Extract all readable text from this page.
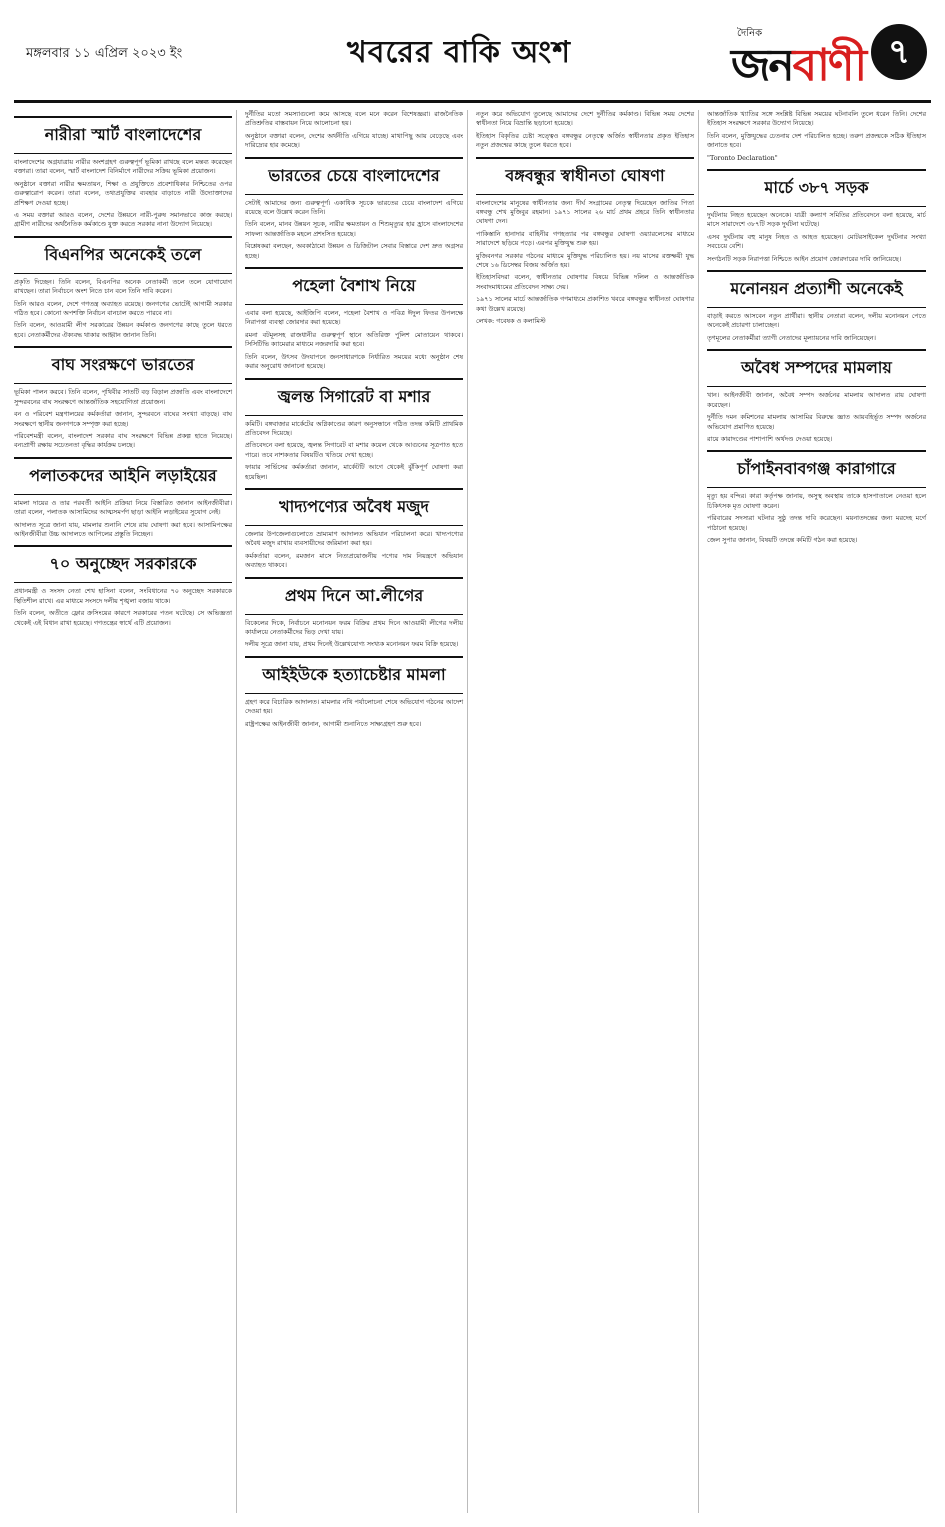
মঙ্গলবার ১১ এপ্রিল ২০২৩ ইং	খবরের বাকি অংশ
দৈনিক
জনবাণী ৭
নারীরা স্মার্ট বাংলাদেশের

বাংলাদেশের অগ্রযাত্রায় নারীর অংশগ্রহণ গুরুত্বপূর্ণ ভূমিকা রাখছে বলে মন্তব্য করেছেন বক্তারা। তারা বলেন, স্মার্ট বাংলাদেশ বিনির্মাণে নারীদের সক্রিয় ভূমিকা প্রয়োজন।

অনুষ্ঠানে বক্তারা নারীর ক্ষমতায়ন, শিক্ষা ও প্রযুক্তিতে প্রবেশাধিকার নিশ্চিতের ওপর গুরুত্বারোপ করেন। তারা বলেন, তথ্যপ্রযুক্তির ব্যবহার বাড়াতে নারী উদ্যোক্তাদের প্রশিক্ষণ দেওয়া হচ্ছে।

এ সময় বক্তারা আরও বলেন, দেশের উন্নয়নে নারী-পুরুষ সমানভাবে কাজ করছে। গ্রামীণ নারীদের অর্থনৈতিক কর্মকাণ্ডে যুক্ত করতে সরকার নানা উদ্যোগ নিয়েছে।

বিএনপির অনেকেই তলে

প্রকৃতি দিচ্ছেন। তিনি বলেন, বিএনপির অনেক নেতাকর্মী তলে তলে যোগাযোগ রাখছেন। তারা নির্বাচনে অংশ নিতে চান বলে তিনি দাবি করেন।

তিনি আরও বলেন, দেশে গণতন্ত্র অব্যাহত রয়েছে। জনগণের ভোটেই আগামী সরকার গঠিত হবে। কোনো অপশক্তি নির্বাচন বানচাল করতে পারবে না।

তিনি বলেন, আওয়ামী লীগ সরকারের উন্নয়ন কর্মকাণ্ড জনগণের কাছে তুলে ধরতে হবে। নেতাকর্মীদের ঐক্যবদ্ধ থাকার আহ্বান জানান তিনি।

বাঘ সংরক্ষণে ভারতের

ভূমিকা পালন করবে। তিনি বলেন, পৃথিবীর সাতটি বড় বিড়াল প্রজাতি এবং বাংলাদেশে সুন্দরবনের বাঘ সংরক্ষণে আন্তর্জাতিক সহযোগিতা প্রয়োজন।

বন ও পরিবেশ মন্ত্রণালয়ের কর্মকর্তারা জানান, সুন্দরবনে বাঘের সংখ্যা বাড়ছে। বাঘ সংরক্ষণে স্থানীয় জনগণকে সম্পৃক্ত করা হচ্ছে।

পরিবেশমন্ত্রী বলেন, বাংলাদেশ সরকার বাঘ সংরক্ষণে বিভিন্ন প্রকল্প হাতে নিয়েছে। বন্যপ্রাণী রক্ষায় সচেতনতা বৃদ্ধির কার্যক্রম চলছে।

পলাতকদের আইনি লড়াইয়ের

মামলা দায়ের ও তার পরবর্তী আইনি প্রক্রিয়া নিয়ে বিস্তারিত জানান আইনজীবীরা। তারা বলেন, পলাতক আসামিদের আত্মসমর্পণ ছাড়া আইনি লড়াইয়ের সুযোগ নেই।

আদালত সূত্রে জানা যায়, মামলার শুনানি শেষে রায় ঘোষণা করা হবে। আসামিপক্ষের আইনজীবীরা উচ্চ আদালতে আপিলের প্রস্তুতি নিচ্ছেন।

৭০ অনুচ্ছেদ সরকারকে

প্রধানমন্ত্রী ও সংসদ নেতা শেখ হাসিনা বলেন, সংবিধানের ৭০ অনুচ্ছেদ সরকারকে স্থিতিশীল রাখে। এর মাধ্যমে সংসদে দলীয় শৃঙ্খলা বজায় থাকে।

তিনি বলেন, অতীতে ফ্লোর ক্রসিংয়ের কারণে সরকারের পতন ঘটেছে। সে অভিজ্ঞতা থেকেই এই বিধান রাখা হয়েছে। গণতন্ত্রের স্বার্থে এটি প্রয়োজন।

দুর্নীতির মতো সমস্যাগুলো কমে আসছে বলে মনে করেন বিশেষজ্ঞরা। রাজনৈতিক প্রতিশ্রুতির বাস্তবায়ন নিয়ে আলোচনা হয়।

অনুষ্ঠানে বক্তারা বলেন, দেশের অর্থনীতি এগিয়ে যাচ্ছে। মাথাপিছু আয় বেড়েছে এবং দারিদ্র্যের হার কমেছে।

ভারতের চেয়ে বাংলাদেশের

সেটাই আমাদের জন্য গুরুত্বপূর্ণ। একাধিক সূচকে ভারতের চেয়ে বাংলাদেশ এগিয়ে রয়েছে বলে উল্লেখ করেন তিনি।

তিনি বলেন, মানব উন্নয়ন সূচক, নারীর ক্ষমতায়ন ও শিশুমৃত্যুর হার হ্রাসে বাংলাদেশের সাফল্য আন্তর্জাতিক মহলে প্রশংসিত হয়েছে।

বিশ্লেষকরা বলছেন, অবকাঠামো উন্নয়ন ও ডিজিটাল সেবার বিস্তারে দেশ দ্রুত অগ্রসর হচ্ছে।

পহেলা বৈশাখ নিয়ে

এবার বলা হয়েছে, আইজিপি বলেন, পহেলা বৈশাখ ও পবিত্র ঈদুল ফিতর উপলক্ষে নিরাপত্তা ব্যবস্থা জোরদার করা হয়েছে।

রমনা বটমূলসহ রাজধানীর গুরুত্বপূর্ণ স্থানে অতিরিক্ত পুলিশ মোতায়েন থাকবে। সিসিটিভি ক্যামেরার মাধ্যমে নজরদারি করা হবে।

তিনি বলেন, উৎসব উদযাপনে জনসাধারণকে নির্ধারিত সময়ের মধ্যে অনুষ্ঠান শেষ করার অনুরোধ জানানো হয়েছে।

জ্বলন্ত সিগারেট বা মশার

কমিটি। বঙ্গবাজার মার্কেটের অগ্নিকাণ্ডের কারণ অনুসন্ধানে গঠিত তদন্ত কমিটি প্রাথমিক প্রতিবেদন দিয়েছে।

প্রতিবেদনে বলা হয়েছে, জ্বলন্ত সিগারেট বা মশার কয়েল থেকে আগুনের সূত্রপাত হতে পারে। তবে নাশকতার বিষয়টিও খতিয়ে দেখা হচ্ছে।

ফায়ার সার্ভিসের কর্মকর্তারা জানান, মার্কেটটি আগে থেকেই ঝুঁকিপূর্ণ ঘোষণা করা হয়েছিল।

খাদ্যপণ্যের অবৈধ মজুদ

জেলার উপজেলাগুলোতে ভ্রাম্যমাণ আদালত অভিযান পরিচালনা করে। খাদ্যপণ্যের অবৈধ মজুদ রাখায় ব্যবসায়ীদের জরিমানা করা হয়।

কর্মকর্তারা বলেন, রমজান মাসে নিত্যপ্রয়োজনীয় পণ্যের দাম নিয়ন্ত্রণে অভিযান অব্যাহত থাকবে।

প্রথম দিনে আ.লীগের

বিকেলের দিকে, নির্বাচনে মনোনয়ন ফরম বিক্রির প্রথম দিনে আওয়ামী লীগের দলীয় কার্যালয়ে নেতাকর্মীদের ভিড় দেখা যায়।

দলীয় সূত্রে জানা যায়, প্রথম দিনেই উল্লেখযোগ্য সংখ্যক মনোনয়ন ফরম বিক্রি হয়েছে।

আইইউকে হত্যাচেষ্টার মামলা

গ্রহণ করে বিচারিক আদালত। মামলার নথি পর্যালোচনা শেষে অভিযোগ গঠনের আদেশ দেওয়া হয়।

রাষ্ট্রপক্ষের আইনজীবী জানান, আগামী শুনানিতে সাক্ষ্যগ্রহণ শুরু হবে।

নতুন করে অভিযোগ তুলেছে আমাদের দেশে দুর্নীতির কর্মকাণ্ড। বিভিন্ন সময় দেশের স্বাধীনতা নিয়ে বিভ্রান্তি ছড়ানো হয়েছে।

ইতিহাস বিকৃতির চেষ্টা সত্ত্বেও বঙ্গবন্ধুর নেতৃত্বে অর্জিত স্বাধীনতার প্রকৃত ইতিহাস নতুন প্রজন্মের কাছে তুলে ধরতে হবে।

বঙ্গবন্ধুর স্বাধীনতা ঘোষণা

বাংলাদেশের মানুষের স্বাধীনতার জন্য দীর্ঘ সংগ্রামের নেতৃত্ব দিয়েছেন জাতির পিতা বঙ্গবন্ধু শেখ মুজিবুর রহমান। ১৯৭১ সালের ২৬ মার্চ প্রথম প্রহরে তিনি স্বাধীনতার ঘোষণা দেন।

পাকিস্তানি হানাদার বাহিনীর গণহত্যার পর বঙ্গবন্ধুর ঘোষণা ওয়্যারলেসের মাধ্যমে সারাদেশে ছড়িয়ে পড়ে। এরপর মুক্তিযুদ্ধ শুরু হয়।

মুজিবনগর সরকার গঠনের মাধ্যমে মুক্তিযুদ্ধ পরিচালিত হয়। নয় মাসের রক্তক্ষয়ী যুদ্ধ শেষে ১৬ ডিসেম্বর বিজয় অর্জিত হয়।

ইতিহাসবিদরা বলেন, স্বাধীনতার ঘোষণার বিষয়ে বিভিন্ন দলিল ও আন্তর্জাতিক সংবাদমাধ্যমের প্রতিবেদন সাক্ষ্য দেয়।

১৯৭১ সালের মার্চে আন্তর্জাতিক গণমাধ্যমে প্রকাশিত খবরে বঙ্গবন্ধুর স্বাধীনতা ঘোষণার কথা উল্লেখ রয়েছে।

লেখক: গবেষক ও কলামিস্ট

আন্তর্জাতিক খ্যাতির সঙ্গে সংশ্লিষ্ট বিভিন্ন সময়ের ঘটনাবলি তুলে ধরেন তিনি। দেশের ইতিহাস সংরক্ষণে সরকার উদ্যোগ নিয়েছে।

তিনি বলেন, মুক্তিযুদ্ধের চেতনায় দেশ পরিচালিত হচ্ছে। তরুণ প্রজন্মকে সঠিক ইতিহাস জানাতে হবে।

"Toronto Declaration"

মার্চে ৩৮৭ সড়ক

দুর্ঘটনায় নিহত হয়েছেন অনেকে। যাত্রী কল্যাণ সমিতির প্রতিবেদনে বলা হয়েছে, মার্চ মাসে সারাদেশে ৩৮৭টি সড়ক দুর্ঘটনা ঘটেছে।

এসব দুর্ঘটনায় বহু মানুষ নিহত ও আহত হয়েছেন। মোটরসাইকেল দুর্ঘটনার সংখ্যা সবচেয়ে বেশি।

সংগঠনটি সড়ক নিরাপত্তা নিশ্চিতে আইন প্রয়োগ জোরদারের দাবি জানিয়েছে।

মনোনয়ন প্রত্যাশী অনেকেই

বাড়াই করতে আসবেন নতুন প্রার্থীরা। স্থানীয় নেতারা বলেন, দলীয় মনোনয়ন পেতে অনেকেই প্রচারণা চালাচ্ছেন।

তৃণমূলের নেতাকর্মীরা ত্যাগী নেতাদের মূল্যায়নের দাবি জানিয়েছেন।

অবৈধ সম্পদের মামলায়

খান। আইনজীবী জানান, অবৈধ সম্পদ অর্জনের মামলায় আদালত রায় ঘোষণা করেছেন।

দুর্নীতি দমন কমিশনের মামলায় আসামির বিরুদ্ধে জ্ঞাত আয়বহির্ভূত সম্পদ অর্জনের অভিযোগ প্রমাণিত হয়েছে।

রায়ে কারাদণ্ডের পাশাপাশি অর্থদণ্ড দেওয়া হয়েছে।

চাঁপাইনবাবগঞ্জ কারাগারে

মৃত্যু হয় বন্দির। কারা কর্তৃপক্ষ জানায়, অসুস্থ অবস্থায় তাকে হাসপাতালে নেওয়া হলে চিকিৎসক মৃত ঘোষণা করেন।

পরিবারের সদস্যরা ঘটনার সুষ্ঠু তদন্ত দাবি করেছেন। ময়নাতদন্তের জন্য মরদেহ মর্গে পাঠানো হয়েছে।

জেল সুপার জানান, বিষয়টি তদন্তে কমিটি গঠন করা হয়েছে।
